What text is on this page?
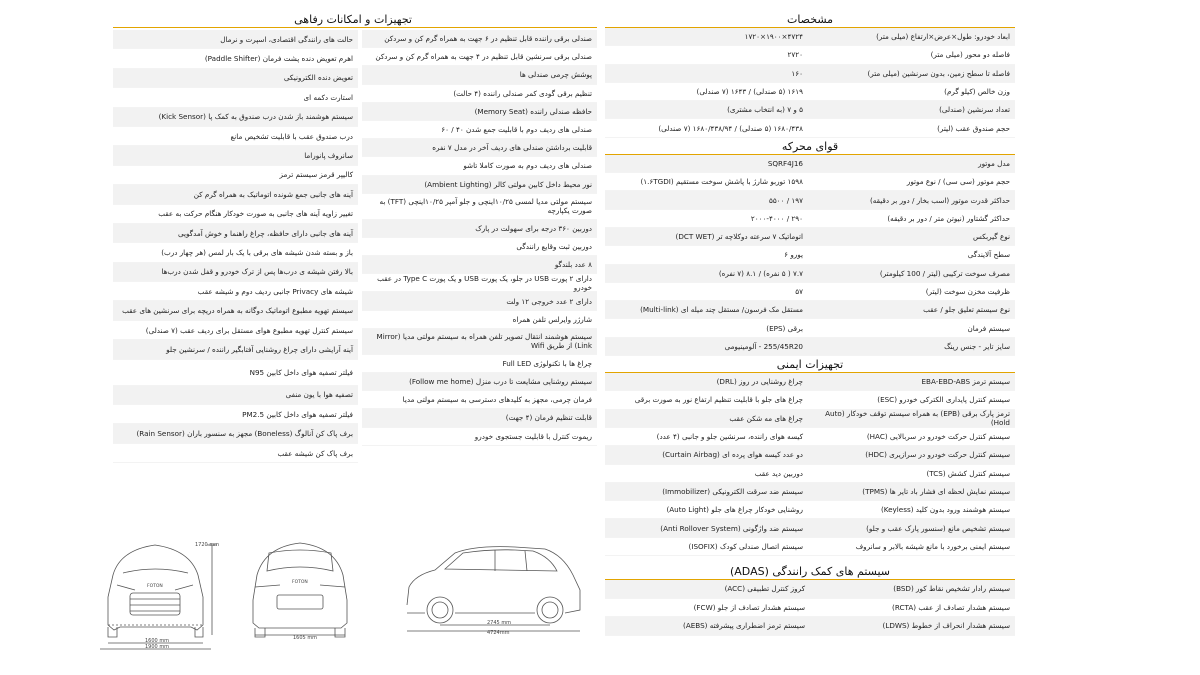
مشخصات
ابعاد خودرو: طول×عرض×ارتفاع (میلی متر)
۴۷۲۴×۱۹۰۰×۱۷۲۰
فاصله دو محور (میلی متر)
۲۷۲۰
فاصله تا سطح زمین، بدون سرنشین (میلی متر)
۱۶۰
وزن خالص (کیلو گرم)
۱۶۱۹ (۵ صندلی) / ۱۶۴۳ (۷ صندلی)
تعداد سرنشین (صندلی)
۵ و ۷ (به انتخاب مشتری)
حجم صندوق عقب (لیتر)
۱۶۸۰/۴۳۸ (۵ صندلی) / ۱۶۸۰/۴۳۸/۹۴ (۷ صندلی)
قوای محرکه
مدل موتور
SQRF4J16
حجم موتور (سی سی) / نوع موتور
۱۵۹۸ توربو شارژ با پاشش سوخت مستقیم (۱.۶TGDI)
حداکثر قدرت موتور (اسب بخار / دور بر دقیقه)
۱۹۷ / ۵۵۰۰
حداکثر گشتاور (نیوتن متر / دور بر دقیقه)
۲۹۰ / ۲۰۰۰-۴۰۰۰
نوع گیربکس
اتوماتیک ۷ سرعته دوکلاچه تر (DCT WET)
سطح آلایندگی
یورو ۶
مصرف سوخت ترکیبی (لیتر / 100 کیلومتر)
۷.۷ ( ۵ نفره) / ۸.۱ (۷ نفره)
ظرفیت مخزن سوخت (لیتر)
۵۷
نوع سیستم تعلیق جلو / عقب
مستقل مک فرسون/ مستقل چند میله ای (Multi-link)
سیستم فرمان
برقی (EPS)
سایز تایر - جنس رینگ
255/45R20 - آلومینیومی
تجهیزات ایمنی
سیستم ترمز EBA-EBD-ABS
چراغ روشنایی در روز (DRL)
سیستم کنترل پایداری الکترکی خودرو (ESC)
چراغ های جلو با قابلیت تنظیم ارتفاع نور به صورت برقی
ترمز پارک برقی (EPB) به همراه سیستم توقف خودکار (Auto Hold)
چراغ های مه شکن عقب
سیستم کنترل حرکت خودرو در سربالایی (HAC)
کیسه هوای راننده، سرنشین جلو و جانبی (۴ عدد)
سیستم کنترل حرکت خودرو در سرازیری (HDC)
دو عدد کیسه هوای پرده ای (Curtain Airbag)
سیستم کنترل کشش (TCS)
دوربین دید عقب
سیستم نمایش لحظه ای فشار باد تایر ها (TPMS)
سیستم ضد سرقت الکترونیکی (Immobilizer)
سیستم هوشمند ورود بدون کلید (Keyless)
روشنایی خودکار چراغ های جلو (Auto Light)
سیستم تشخیص مانع (سنسور پارک عقب و جلو)
سیستم ضد واژگونی (Anti Rollover System)
سیستم ایمنی برخورد با مانع شیشه بالابر و سانروف
سیستم اتصال صندلی کودک (ISOFIX)
سیستم های کمک رانندگی (ADAS)
سیستم رادار تشخیص نقاط کور (BSD)
کروز کنترل تطبیقی (ACC)
سیستم هشدار تصادف از عقب (RCTA)
سیستم هشدار تصادف از جلو (FCW)
سیستم هشدار انحراف از خطوط (LDWS)
سیستم ترمز اضطراری پیشرفته (AEBS)
تجهیزات و امکانات رفاهی
صندلی برقی راننده قابل تنظیم در ۶ جهت به همراه گرم کن و سردکن
صندلی برقی سرنشین قابل تنظیم در ۴ جهت به همراه گرم کن و سردکن
پوشش چرمی صندلی ها
تنظیم برقی گودی کمر صندلی راننده (۴ حالت)
حافظه صندلی راننده (Memory Seat)
صندلی های ردیف دوم با قابلیت جمع شدن ۴۰ / ۶۰
قابلیت برداشتن صندلی های ردیف آخر در مدل ۷ نفره
صندلی های ردیف دوم به صورت کاملا تاشو
نور محیط داخل کابین مولتی کالر (Ambient Lighting)
سیستم مولتی مدیا لمسی ۱۰/۲۵اینچی و جلو آمپر ۱۰/۲۵اینچی (TFT) به صورت یکپارچه
دوربین ۳۶۰ درجه برای سهولت در پارک
دوربین ثبت وقایع رانندگی
۸ عدد بلندگو
دارای ۲ پورت USB در جلو، یک پورت USB و یک پورت Type C در عقب خودرو
دارای ۲ عدد خروجی ۱۲ ولت
شارژر وایرلس تلفن همراه
سیستم هوشمند انتقال تصویر تلفن همراه به سیستم مولتی مدیا (Mirror Link) از طریق Wifi
چراغ ها با تکنولوژی Full LED
سیستم روشنایی مشایعت تا درب منزل (Follow me home)
فرمان چرمی، مجهز به کلیدهای دسترسی به سیستم مولتی مدیا
قابلت تنظیم فرمان (۴ جهت)
ریموت کنترل با قابلیت جستجوی خودرو
حالت های رانندگی اقتصادی، اسپرت و نرمال
اهرم تعویض دنده پشت فرمان (Paddle Shifter)
تعویض دنده الکترونیکی
استارت دکمه ای
سیستم هوشمند باز شدن درب صندوق به کمک پا (Kick Sensor)
درب صندوق عقب با قابلیت تشخیص مانع
سانروف پانوراما
کالیپر قرمز سیستم ترمز
آینه های جانبی جمع شونده اتوماتیک به همراه گرم کن
تغییر زاویه آینه های جانبی به صورت خودکار هنگام حرکت به عقب
آینه های جانبی دارای حافظه، چراغ راهنما و خوش آمدگویی
باز و بسته شدن شیشه های برقی با یک بار لمس (هر چهار درب)
بالا رفتن شیشه ی درب‌ها پس از ترک خودرو و قفل شدن درب‌ها
شیشه های Privacy جانبی ردیف دوم و شیشه عقب
سیستم تهویه مطبوع اتوماتیک دوگانه به همراه دریچه برای سرنشین های عقب
سیستم کنترل تهویه مطبوع هوای مستقل برای ردیف عقب (۷ صندلی)
آینه آرایشی دارای چراغ روشنایی آفتابگیر راننده / سرنشین جلو
فیلتر تصفیه هوای داخل کابین N95
تصفیه هوا با یون منفی
فیلتر تصفیه هوای داخل کابین PM2.5
برف پاک کن آنالوگ (Boneless) مجهز به سنسور باران (Rain Sensor)
برف پاک کن شیشه عقب
1720 mm
FOTON
1600 mm
1900 mm
FOTON
1605 mm
2745 mm
4724mm
